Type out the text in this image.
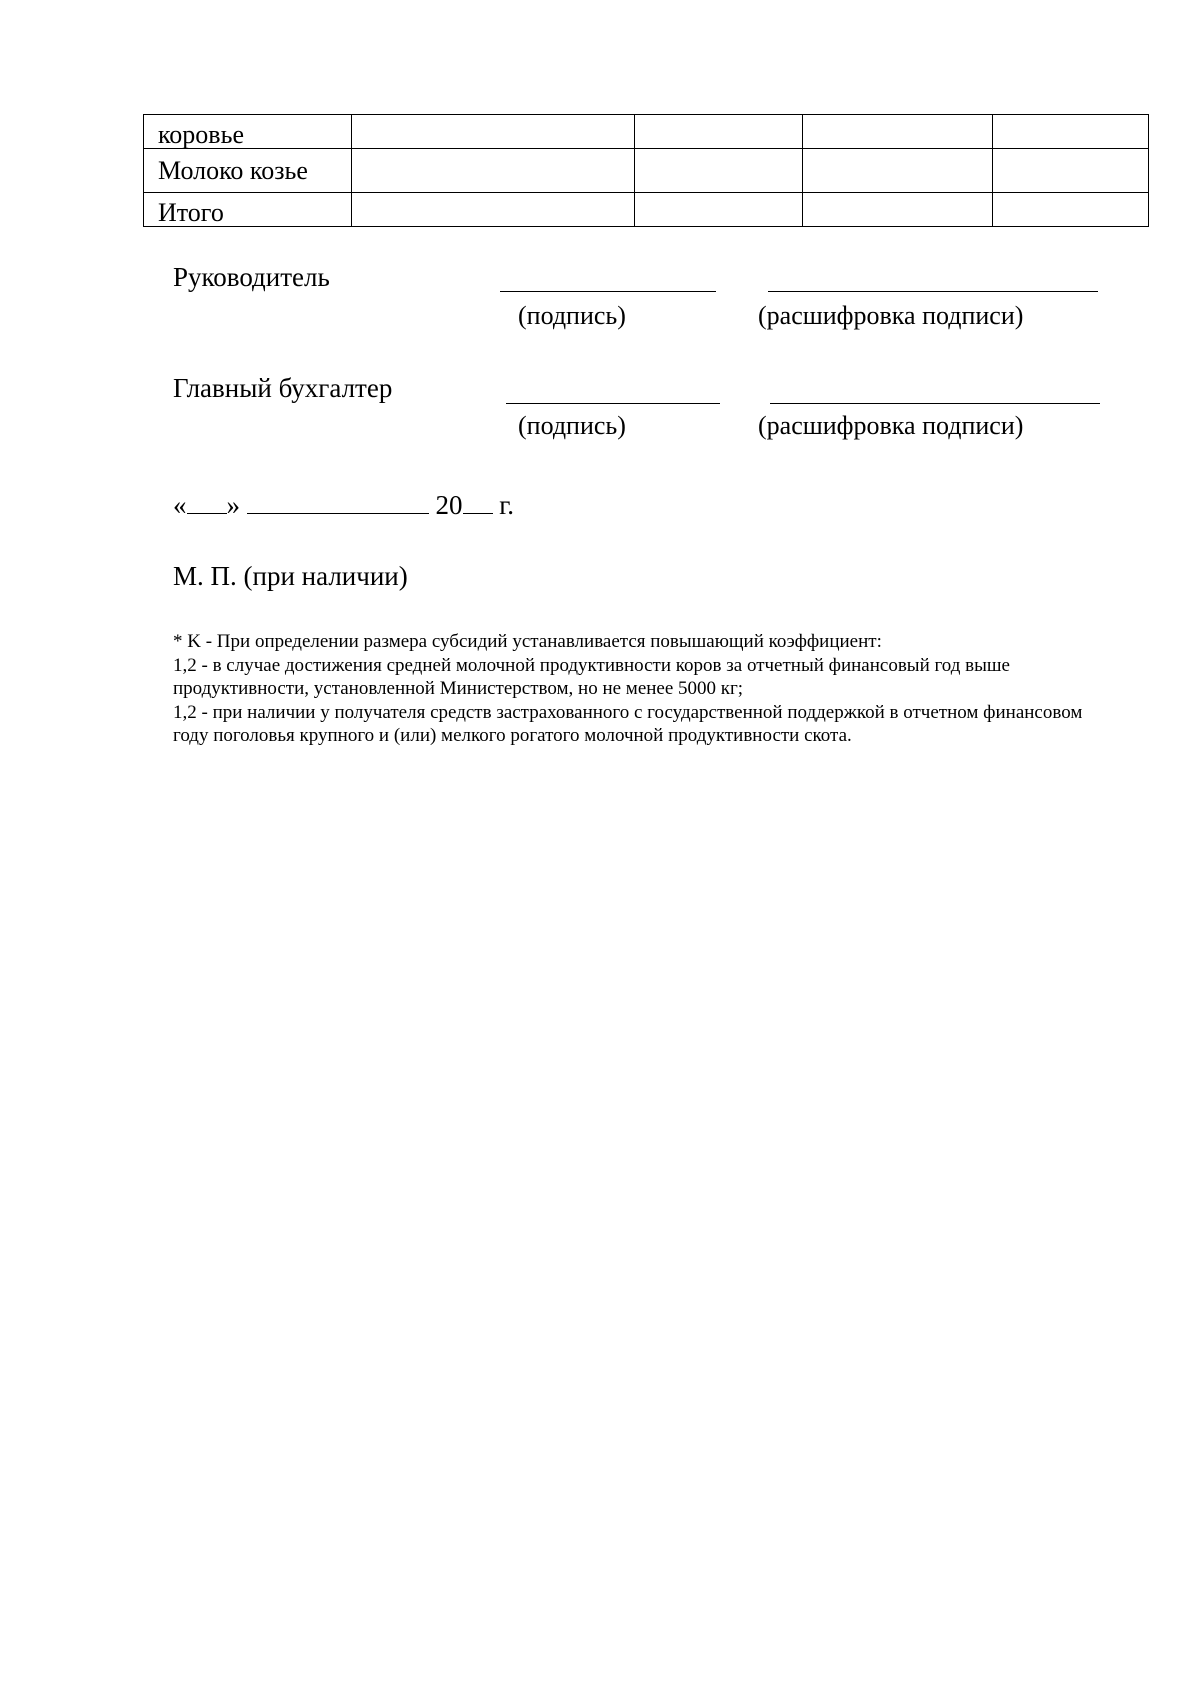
коровье				
Молоко козье				
Итого				
Руководитель
(подпись)	(расшифровка подписи)
Главный бухгалтер
(подпись)	(расшифровка подписи)
« »	20 г.
М. П. (при наличии)

* K - При определении размера субсидий устанавливается повышающий коэффициент:

1,2 - в случае достижения средней молочной продуктивности коров за отчетный финансовый год выше продуктивности, установленной Министерством, но не менее 5000 кг;

1,2 - при наличии у получателя средств застрахованного с государственной поддержкой в отчетном финансовом году поголовья крупного и (или) мелкого рогатого молочной продуктивности скота.
